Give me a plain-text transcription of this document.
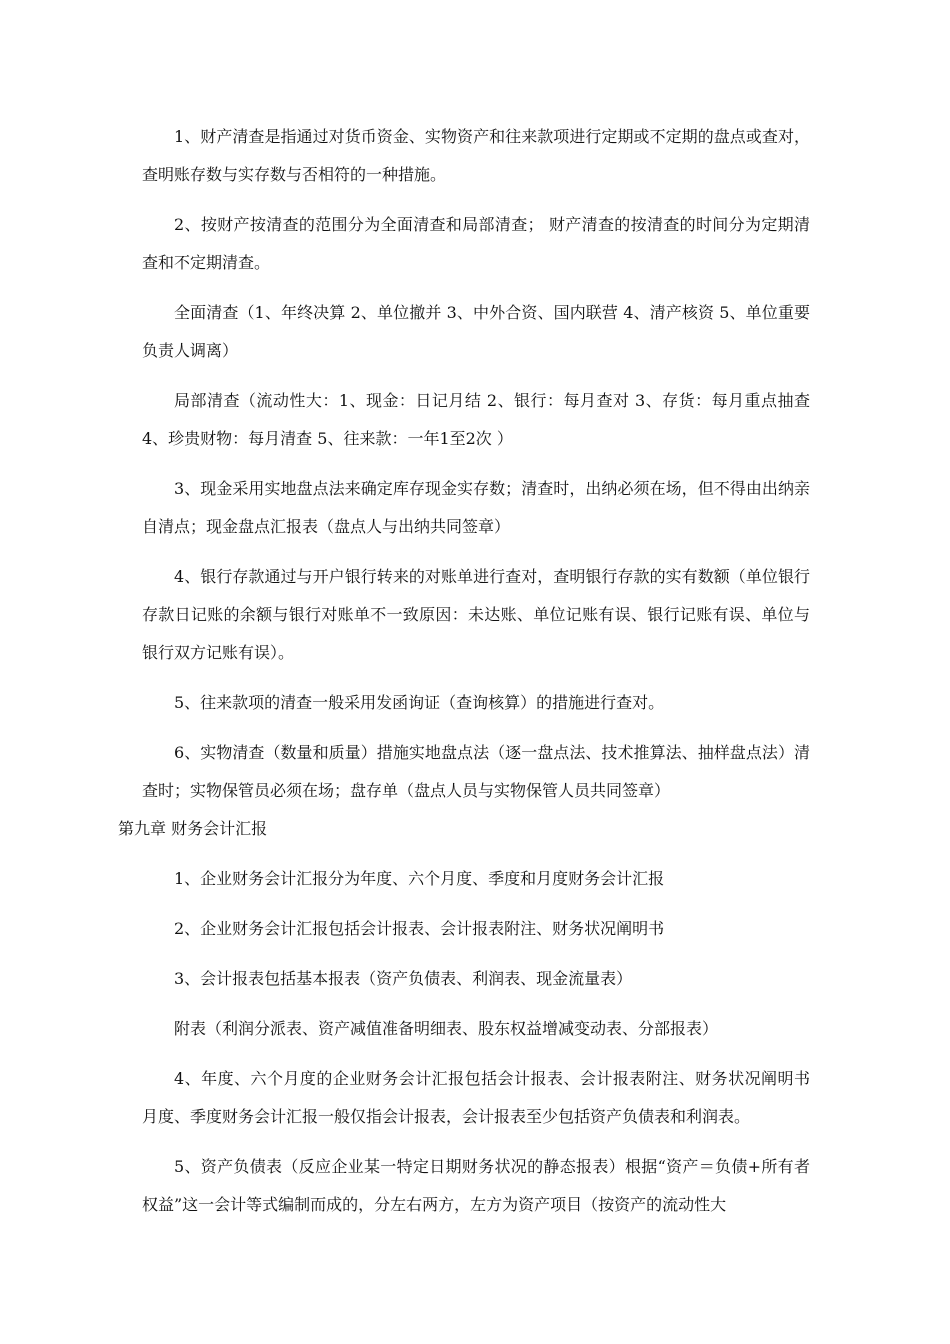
1、财产清查是指通过对货币资金、实物资产和往来款项进行定期或不定期的盘点或查对，查明账存数与实存数与否相符的一种措施。

2、按财产按清查的范围分为全面清查和局部清查； 财产清查的按清查的时间分为定期清查和不定期清查。

全面清查（1、年终决算 2、单位撤并 3、中外合资、国内联营 4、清产核资 5、单位重要负责人调离）

局部清查（流动性大：1、现金：日记月结 2、银行：每月查对 3、存货：每月重点抽查 4、珍贵财物：每月清查 5、往来款：一年1至2次 ）

3、现金采用实地盘点法来确定库存现金实存数；清查时，出纳必须在场，但不得由出纳亲自清点；现金盘点汇报表（盘点人与出纳共同签章）

4、银行存款通过与开户银行转来的对账单进行查对，查明银行存款的实有数额（单位银行存款日记账的余额与银行对账单不一致原因：未达账、单位记账有误、银行记账有误、单位与银行双方记账有误）。

5、往来款项的清查一般采用发函询证（查询核算）的措施进行查对。

6、实物清查（数量和质量）措施实地盘点法（逐一盘点法、技术推算法、抽样盘点法）清查时；实物保管员必须在场；盘存单（盘点人员与实物保管人员共同签章）

第九章 财务会计汇报

1、企业财务会计汇报分为年度、六个月度、季度和月度财务会计汇报

2、企业财务会计汇报包括会计报表、会计报表附注、财务状况阐明书

3、会计报表包括基本报表（资产负债表、利润表、现金流量表）

附表（利润分派表、资产减值准备明细表、股东权益增减变动表、分部报表）

4、年度、六个月度的企业财务会计汇报包括会计报表、会计报表附注、财务状况阐明书 月度、季度财务会计汇报一般仅指会计报表，会计报表至少包括资产负债表和利润表。

5、资产负债表（反应企业某一特定日期财务状况的静态报表）根据“资产＝负债+所有者权益”这一会计等式编制而成的，分左右两方，左方为资产项目（按资产的流动性大
